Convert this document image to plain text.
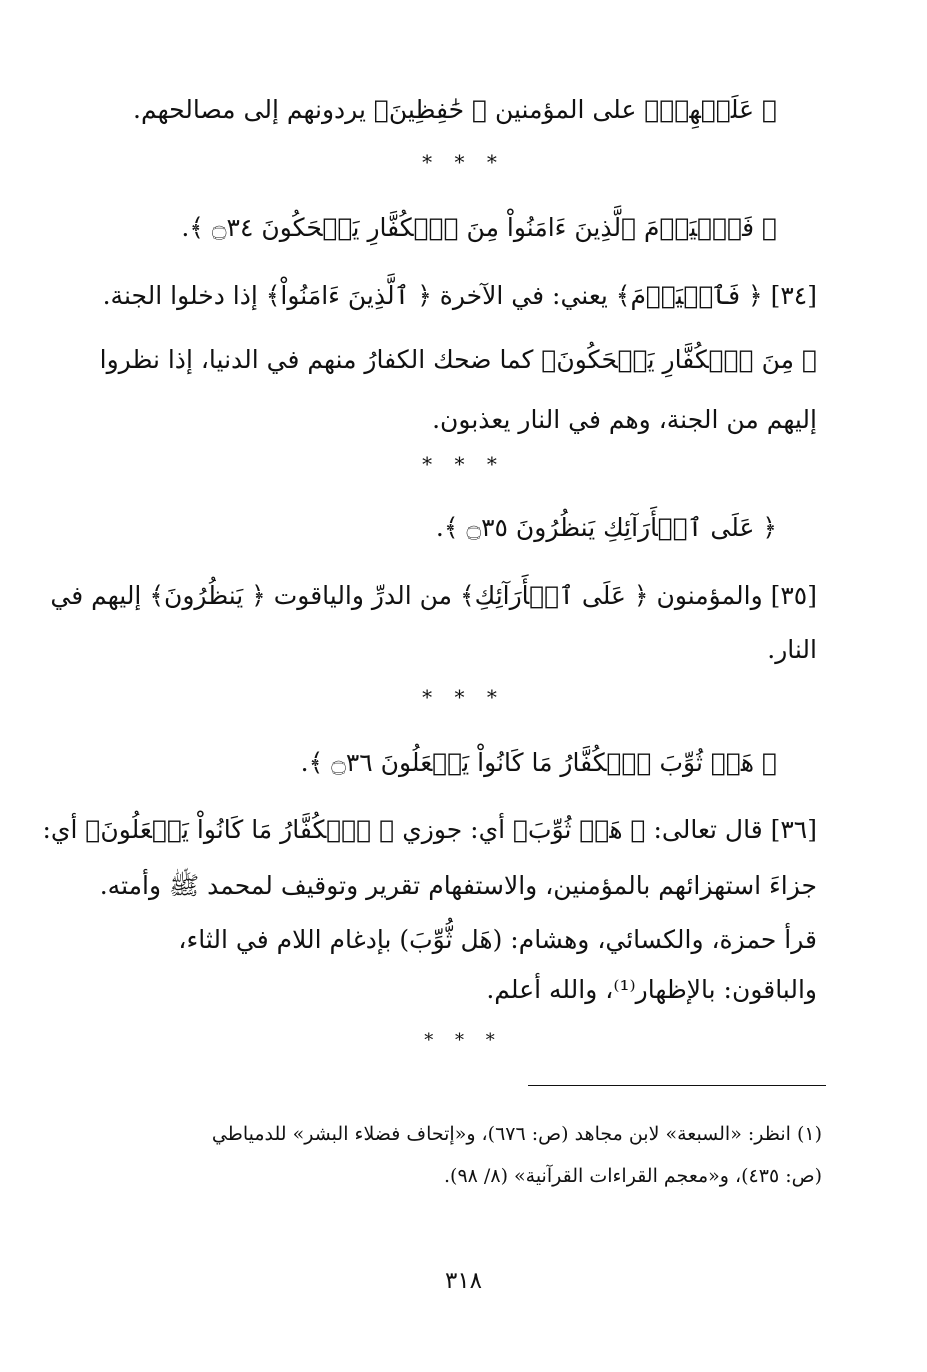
﴿ عَلَيۡهِمۡ﴾ على المؤمنين ﴿ حَٰفِظِينَ﴾ يردونهم إلى مصالحهم.
* * *
﴿ فَٱلۡيَوۡمَ ٱلَّذِينَ ءَامَنُواْ مِنَ ٱلۡكُفَّارِ يَضۡحَكُونَ ۝٣٤ ﴾.
[٣٤] ﴿ فَٱلۡيَوۡمَ﴾ يعني: في الآخرة ﴿ ٱلَّذِينَ ءَامَنُواْ﴾ إذا دخلوا الجنة.
﴿ مِنَ ٱلۡكُفَّارِ يَضۡحَكُونَ﴾ كما ضحك الكفارُ منهم في الدنيا، إذا نظروا
إليهم من الجنة، وهم في النار يعذبون.
* * *
﴿ عَلَى ٱلۡأَرَآئِكِ يَنظُرُونَ ۝٣٥ ﴾.
[٣٥] والمؤمنون ﴿ عَلَى ٱلۡأَرَآئِكِ﴾ من الدرِّ والياقوت ﴿ يَنظُرُونَ﴾ إليهم في
النار.
* * *
﴿ هَلۡ ثُوِّبَ ٱلۡكُفَّارُ مَا كَانُواْ يَفۡعَلُونَ ۝٣٦ ﴾.
[٣٦] قال تعالى: ﴿ هَلۡ ثُوِّبَ﴾ أي: جوزي ﴿ ٱلۡكُفَّارُ مَا كَانُواْ يَفۡعَلُونَ﴾ أي:
جزاءَ استهزائهم بالمؤمنين، والاستفهام تقرير وتوقيف لمحمد ﷺ وأمته.
قرأ حمزة، والكسائي، وهشام: (هَل ثُّوِّبَ) بإدغام اللام في الثاء،
والباقون: بالإظهار⁽¹⁾، والله أعلم.
* * *
(١) انظر: «السبعة» لابن مجاهد (ص: ٦٧٦)، و«إتحاف فضلاء البشر» للدمياطي
(ص: ٤٣٥)، و«معجم القراءات القرآنية» (٨/ ٩٨).
٣١٨
